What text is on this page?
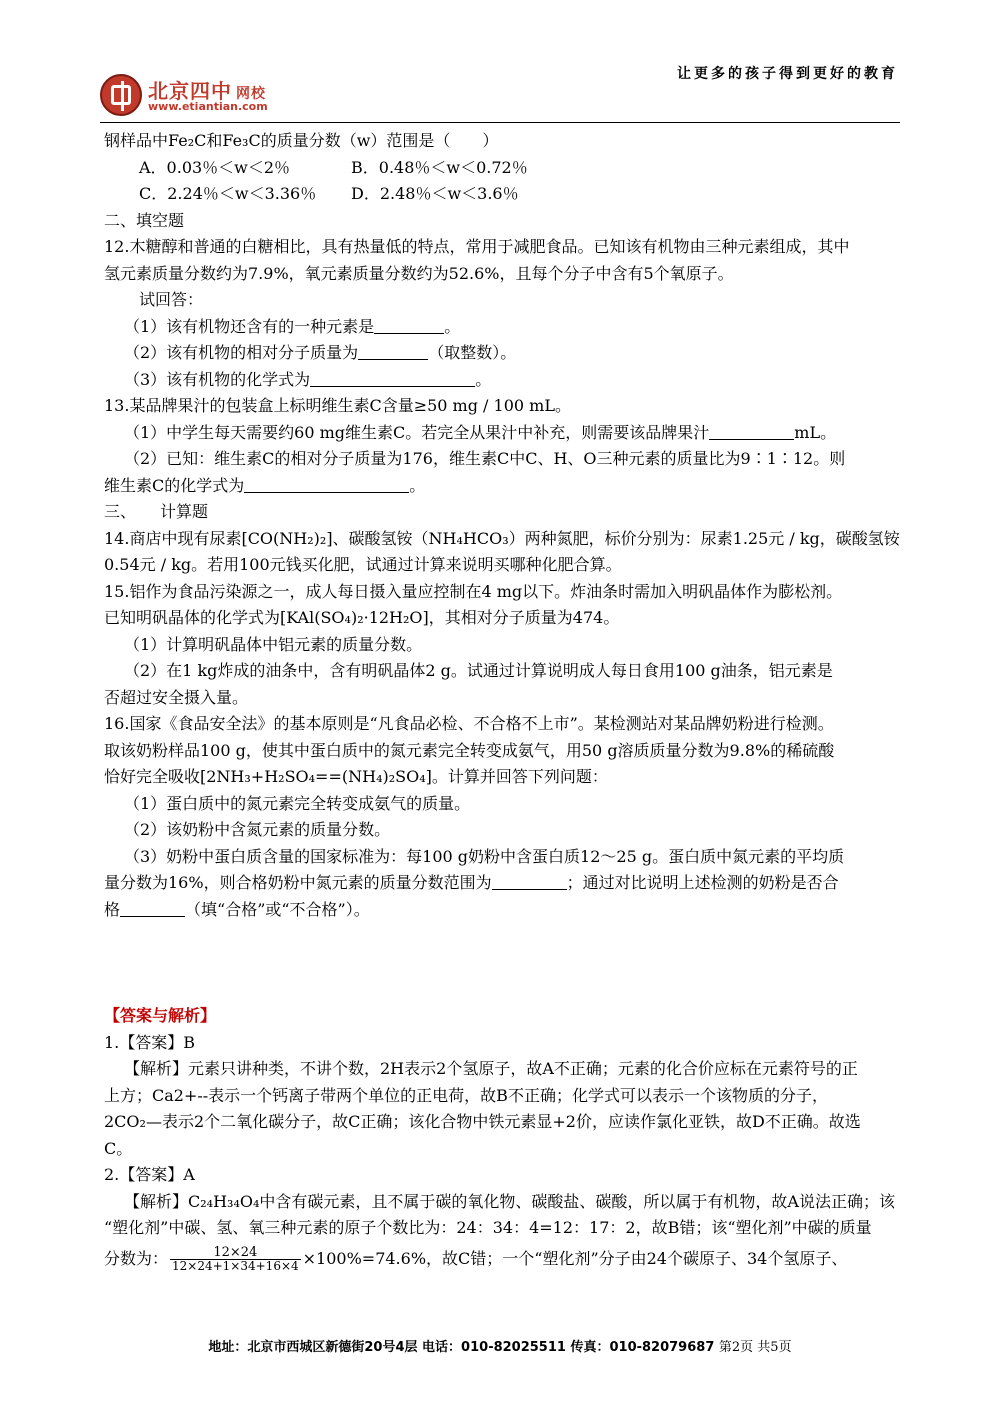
北京四中 网校
www.etiantian.com
让更多的孩子得到更好的教育
钢样品中Fe₂C和Fe₃C的质量分数（w）范围是（　　）
A．0.03％＜w＜2％	B．0.48％＜w＜0.72％
C．2.24％＜w＜3.36％ D．2.48％＜w＜3.6％
二、填空题
12.木糖醇和普通的白糖相比，具有热量低的特点，常用于减肥食品。已知该有机物由三种元素组成，其中
氢元素质量分数约为7.9%，氧元素质量分数约为52.6%，且每个分子中含有5个氧原子。
试回答：
（1）该有机物还含有的一种元素是	。
（2）该有机物的相对分子质量为	（取整数）。
（3）该有机物的化学式为	。
13.某品牌果汁的包装盒上标明维生素C含量≥50 mg / 100 mL。
（1）中学生每天需要约60 mg维生素C。若完全从果汁中补充，则需要该品牌果汁	mL。
（2）已知：维生素C的相对分子质量为176，维生素C中C、H、O三种元素的质量比为9∶1∶12。则
维生素C的化学式为	。
三、　　计算题
14.商店中现有尿素[CO(NH₂)₂]、碳酸氢铵（NH₄HCO₃）两种氮肥，标价分别为：尿素1.25元 / kg，碳酸氢铵
0.54元 / kg。若用100元钱买化肥，试通过计算来说明买哪种化肥合算。
15.铝作为食品污染源之一，成人每日摄入量应控制在4 mg以下。炸油条时需加入明矾晶体作为膨松剂。
已知明矾晶体的化学式为[KAl(SO₄)₂·12H₂O]，其相对分子质量为474。
（1）计算明矾晶体中铝元素的质量分数。
（2）在1 kg炸成的油条中，含有明矾晶体2 g。试通过计算说明成人每日食用100 g油条，铝元素是
否超过安全摄入量。
16.国家《食品安全法》的基本原则是“凡食品必检、不合格不上市”。某检测站对某品牌奶粉进行检测。
取该奶粉样品100 g，使其中蛋白质中的氮元素完全转变成氨气，用50 g溶质质量分数为9.8%的稀硫酸
恰好完全吸收[2NH₃+H₂SO₄==(NH₄)₂SO₄]。计算并回答下列问题：
（1）蛋白质中的氮元素完全转变成氨气的质量。
（2）该奶粉中含氮元素的质量分数。
（3）奶粉中蛋白质含量的国家标准为：每100 g奶粉中含蛋白质12～25 g。蛋白质中氮元素的平均质
量分数为16%，则合格奶粉中氮元素的质量分数范围为	；通过对比说明上述检测的奶粉是否合
格	（填“合格”或“不合格”）。
【答案与解析】
1.【答案】B
【解析】元素只讲种类，不讲个数，2H表示2个氢原子，故A不正确；元素的化合价应标在元素符号的正
上方；Ca2+--表示一个钙离子带两个单位的正电荷，故B不正确；化学式可以表示一个该物质的分子，
2CO₂—表示2个二氧化碳分子，故C正确；该化合物中铁元素显+2价，应读作氯化亚铁，故D不正确。故选
C。
2.【答案】A
【解析】C₂₄H₃₄O₄中含有碳元素，且不属于碳的氧化物、碳酸盐、碳酸，所以属于有机物，故A说法正确；该
“塑化剂”中碳、氢、氧三种元素的原子个数比为：24：34：4=12：17：2，故B错；该“塑化剂”中碳的质量
分数为： $\frac{12\times 24}{12\times 24+1\times 34+16\times 4} \times 100\%=74.6\%$，故C错；一个“塑化剂”分子由24个碳原子、34个氢原子、
地址：北京市西城区新德街20号4层 电话：010-82025511 传真：010-82079687 第2页 共5页
